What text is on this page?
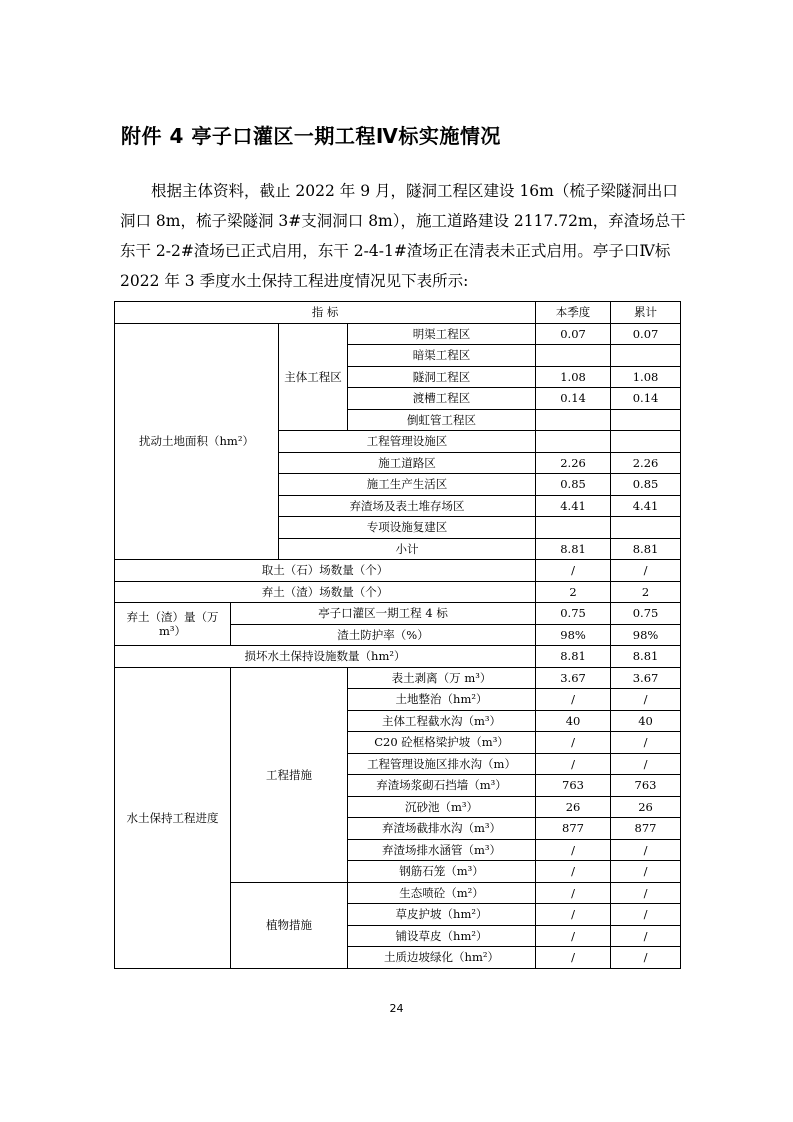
附件 4 亭子口灌区一期工程Ⅳ标实施情况

根据主体资料，截止 2022 年 9 月，隧洞工程区建设 16m（梳子梁隧洞出口
洞口 8m，梳子梁隧洞 3#支洞洞口 8m），施工道路建设 2117.72m，弃渣场总干
东干 2-2#渣场已正式启用，东干 2-4-1#渣场正在清表未正式启用。亭子口Ⅳ标
2022 年 3 季度水土保持工程进度情况见下表所示:

指 标				本季度	累计
扰动土地面积（hm²）		主体工程区	明渠工程区	0.07	0.07
			暗渠工程区		
			隧洞工程区	1.08	1.08
			渡槽工程区	0.14	0.14
			倒虹管工程区		
		工程管理设施区			
		施工道路区		2.26	2.26
		施工生产生活区		0.85	0.85
		弃渣场及表土堆存场区		4.41	4.41
		专项设施复建区			
		小计		8.81	8.81
取土（石）场数量（个）				/	/
弃土（渣）场数量（个）				2	2
弃土（渣）量（万 m³）	亭子口灌区一期工程 4 标			0.75	0.75
	渣土防护率（%）			98%	98%
损坏水土保持设施数量（hm²）				8.81	8.81
水土保持工程进度	工程措施		表土剥离（万 m³）	3.67	3.67
			土地整治（hm²）	/	/
			主体工程截水沟（m³）	40	40
			C20 砼框格梁护坡（m³）	/	/
			工程管理设施区排水沟（m）	/	/
			弃渣场浆砌石挡墙（m³）	763	763
			沉砂池（m³）	26	26
			弃渣场截排水沟（m³）	877	877
			弃渣场排水涵管（m³）	/	/
			钢筋石笼（m³）	/	/
	植物措施		生态喷砼（m²）	/	/
			草皮护坡（hm²）	/	/
			铺设草皮（hm²）	/	/
			土质边坡绿化（hm²）	/	/
24
